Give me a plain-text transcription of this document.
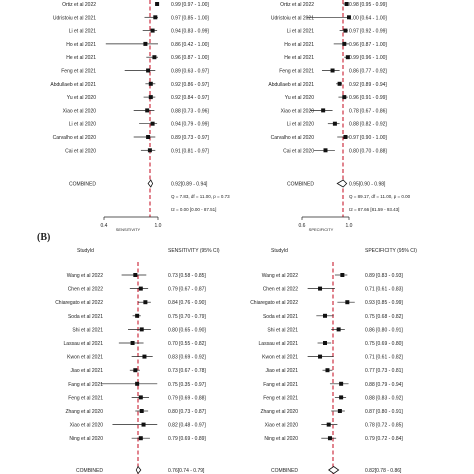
Ortiz et al 2022	0.99 [0.97 - 1.00]
Udristoiu et al 2021	0.97 [0.85 - 1.00]
Li et al 2021	0.94 [0.83 - 0.99]
Ho et al 2021	0.86 [0.42 - 1.00]
He et al 2021	0.96 [0.87 - 1.00]
Feng et al 2021	0.89 [0.63 - 0.97]
Abdullaeb et al 2021	0.92 [0.86 - 0.97]
Yu et al 2020	0.92 [0.84 - 0.97]
Xiao et al 2020	0.88 [0.73 - 0.96]
Li et al 2020	0.94 [0.79 - 0.99]
Carvalho et al 2020	0.89 [0.73 - 0.97]
Cai et al 2020	0.91 [0.81 - 0.97]
COMBINED	0.92[0.89 - 0.94]
Q = 7.83, df = 11.00, p = 0.73
I2 = 0.00 [0.00 - 87.51]
0.4	1.0
SENSITIVITY
Ortiz et al 2022	0.98 [0.95 - 0.99]
Udristoiu et al 2021	1.00 [0.64 - 1.00]
Li et al 2021	0.97 [0.92 - 0.99]
Ho et al 2021	0.96 [0.87 - 1.00]
He et al 2021	0.99 [0.96 - 1.00]
Feng et al 2021	0.86 [0.77 - 0.92]
Abdullaeb et al 2021	0.92 [0.89 - 0.94]
Yu et al 2020	0.96 [0.91 - 0.99]
Xiao et al 2020	0.78 [0.67 - 0.86]
Li et al 2020	0.88 [0.82 - 0.92]
Carvalho et al 2020	0.97 [0.90 - 1.00]
Cai et al 2020	0.80 [0.70 - 0.88]
COMBINED	0.95[0.90 - 0.98]
Q = 89.17, df = 11.00, p = 0.00
I2 = 87.66 [81.59 - 93.43]
0.6	1.0
SPECIFICITY
StudyId	SENSITIVITY (95% CI)
Wang et al 2022	0.73 [0.58 - 0.85]
Chen et al 2022	0.79 [0.67 - 0.87]
Chiaregato et al 2022	0.84 [0.76 - 0.90]
Soda et al 2021	0.75 [0.70 - 0.79]
Shi et al 2021	0.80 [0.65 - 0.90]
Lassau et al 2021	0.70 [0.55 - 0.82]
Kwon et al 2021	0.83 [0.69 - 0.92]
Jiao et al 2021	0.73 [0.67 - 0.78]
Fang et al 2021	0.75 [0.35 - 0.97]
Feng et al 2021	0.79 [0.69 - 0.88]
Zhang et al 2020	0.80 [0.73 - 0.87]
Xiao et al 2020	0.82 [0.48 - 0.97]
Ning et al 2020	0.79 [0.69 - 0.89]
COMBINED	0.76[0.74 - 0.79]
StudyId	SPECIFICITY (95% CI)
Wang et al 2022	0.89 [0.83 - 0.93]
Chen et al 2022	0.71 [0.61 - 0.83]
Chiaregato et al 2022	0.93 [0.85 - 0.99]
Soda et al 2021	0.75 [0.68 - 0.82]
Shi et al 2021	0.86 [0.80 - 0.91]
Lassau et al 2021	0.75 [0.69 - 0.80]
Kwon et al 2021	0.71 [0.61 - 0.82]
Jiao et al 2021	0.77 [0.73 - 0.81]
Fang et al 2021	0.88 [0.79 - 0.94]
Feng et al 2021	0.88 [0.83 - 0.92]
Zhang et al 2020	0.87 [0.80 - 0.91]
Xiao et al 2020	0.78 [0.72 - 0.85]
Ning et al 2020	0.79 [0.72 - 0.84]
COMBINED	0.82[0.78 - 0.86]
(B)
